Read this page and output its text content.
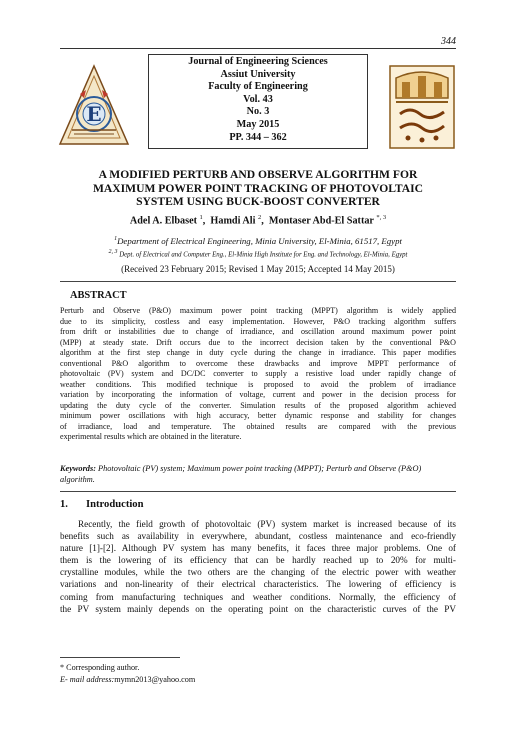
344
E
Journal of Engineering Sciences
Assiut University
Faculty of Engineering
Vol. 43
No. 3
May 2015
PP. 344 – 362
A MODIFIED PERTURB AND OBSERVE ALGORITHM FOR
MAXIMUM POWER POINT TRACKING OF PHOTOVOLTAIC
SYSTEM USING BUCK-BOOST CONVERTER
Adel A. Elbaset $^1$, Hamdi Ali $^2$, Montaser Abd-El Sattar $^{*, 3}$
$^1$Department of Electrical Engineering, Minia University, El-Minia, 61517, Egypt
$^{2, 3}$ Dept. of Electrical and Computer Eng., El-Minia High Institute for Eng. and Technology, El-Minia, Egypt
(Received 23 February 2015; Revised 1 May 2015; Accepted 14 May 2015)
ABSTRACT
Perturb and Observe (P&O) maximum power point tracking (MPPT) algorithm is widely applied
due to its simplicity, costless and easy implementation. However, P&O tracking algorithm suffers
from drift or instabilities due to change of irradiance, and oscillation around maximum power point
(MPP) at steady state. Drift occurs due to the incorrect decision taken by the conventional P&O
algorithm at the first step change in duty cycle during the change in irradiance. This paper modifies
conventional P&O algorithm to overcome these drawbacks and improve MPPT performance of
photovoltaic (PV) system and DC/DC converter to supply a resistive load under rapidly change of
weather conditions. This modified technique is proposed to avoid the problem of irradiance
variation by incorporating the information of voltage, current and power in the decision process for
updating the duty cycle of the converter. Simulation results of the proposed algorithm achieved
minimum power oscillations with high accuracy, better dynamic response and stability for changes
of irradiance, load and temperature. The obtained results are compared with the previous
experimental results which are obtained in the literature.
Keywords: Photovoltaic (PV) system; Maximum power point tracking (MPPT); Perturb and Observe (P&O) algorithm.
1. Introduction
Recently, the field growth of photovoltaic (PV) system market is increased because of its
benefits such as availability in everywhere, abundant, costless maintenance and eco-friendly
nature [1]-[2]. Although PV system has many benefits, it faces three major problems. One of
them is the lowering of its efficiency that can be hardly reached up to 20% for multi-
crystalline modules, while the two others are the changing of the electric power with weather
variations and non-linearity of their electrical characteristics. The lowering of efficiency is
coming from manufacturing techniques and weather conditions. Normally, the efficiency of
the PV system mainly depends on the operating point on the characteristic curves of the PV
* Corresponding author.
E- mail address:mymn2013@yahoo.com
